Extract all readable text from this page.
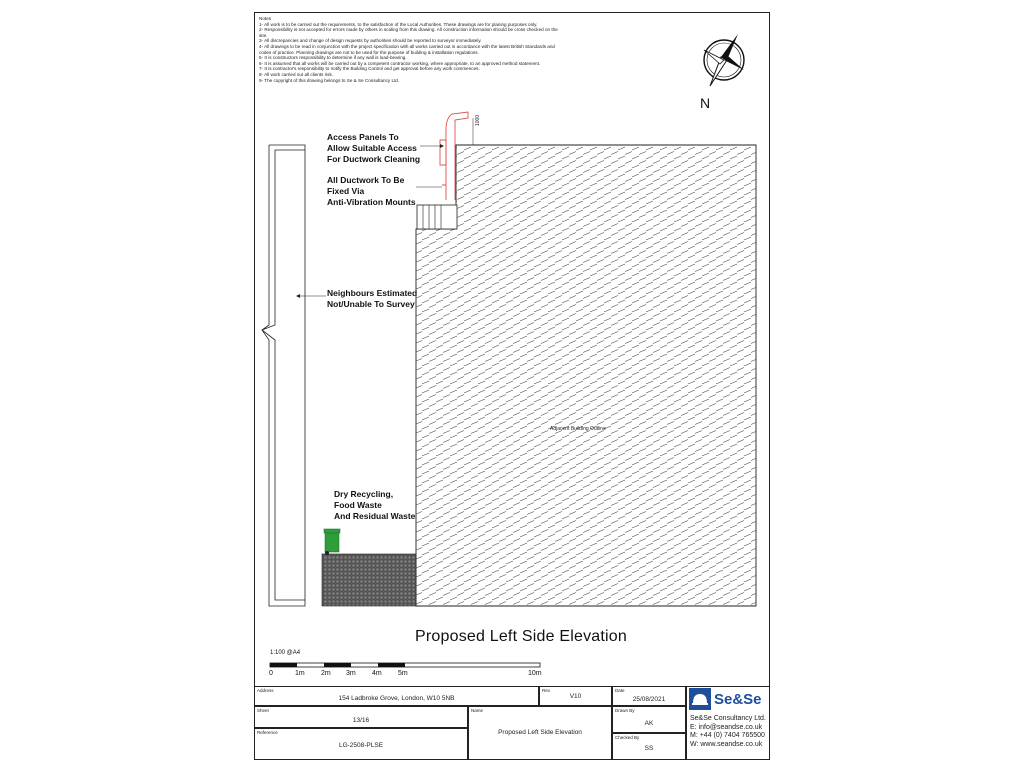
Notes
1- All work is to be carried out the requirements, to the satisfaction of the Local Authorities. These drawings are for planing purposes only.
2- Responsibility is not accepted for errors made by others in scaling from this drawing. All construction information should be cross checked on the site.
3- All discrepancies and change of design requests by authorities should be reported to surveyor immediately.
4- All drawings to be read in conjunction with the project specification with all works carried out in accordance with the latest British Standards and codes of practice. Planning drawings are not to be used for the purpose of building & installation regulations.
5- It is constructors responsibility to determine if any wall is load-bearing.
6- It is assumed that all works will be carried out by a competent contractor working, where appropriate, to an approved method statement.
7- It is contractor's responsibility to notify the Building Control and get approval before any work commences.
8- All work carried out all clients risk.
9- The copyright of this drawing belongs to Se & Se Consultancy Ltd.
N
Access Panels To
Allow Suitable Access
For Ductwork Cleaning
All Ductwork To Be
Fixed Via
Anti-Vibration Mounts
Neighbours Estimated
Not/Unable To Survey
Dry Recycling,
Food Waste
And Residual Waste
Adjacent Building Outline
1000
Proposed Left Side Elevation
1:100 @A4
0	1m 2m 3m 4m 5m	10m
Address
154 Ladbroke Grove, London, W10 5NB
Rev
V10
Date
25/08/2021
Sheet
13/16
Name
Proposed Left Side Elevation
Drawn By
AK
Reference
LG-2508-PLSE
Checked By
SS
Se&Se
Se&Se Consultancy Ltd.
E: info@seandse.co.uk
M: +44 (0) 7404 765500
W: www.seandse.co.uk
